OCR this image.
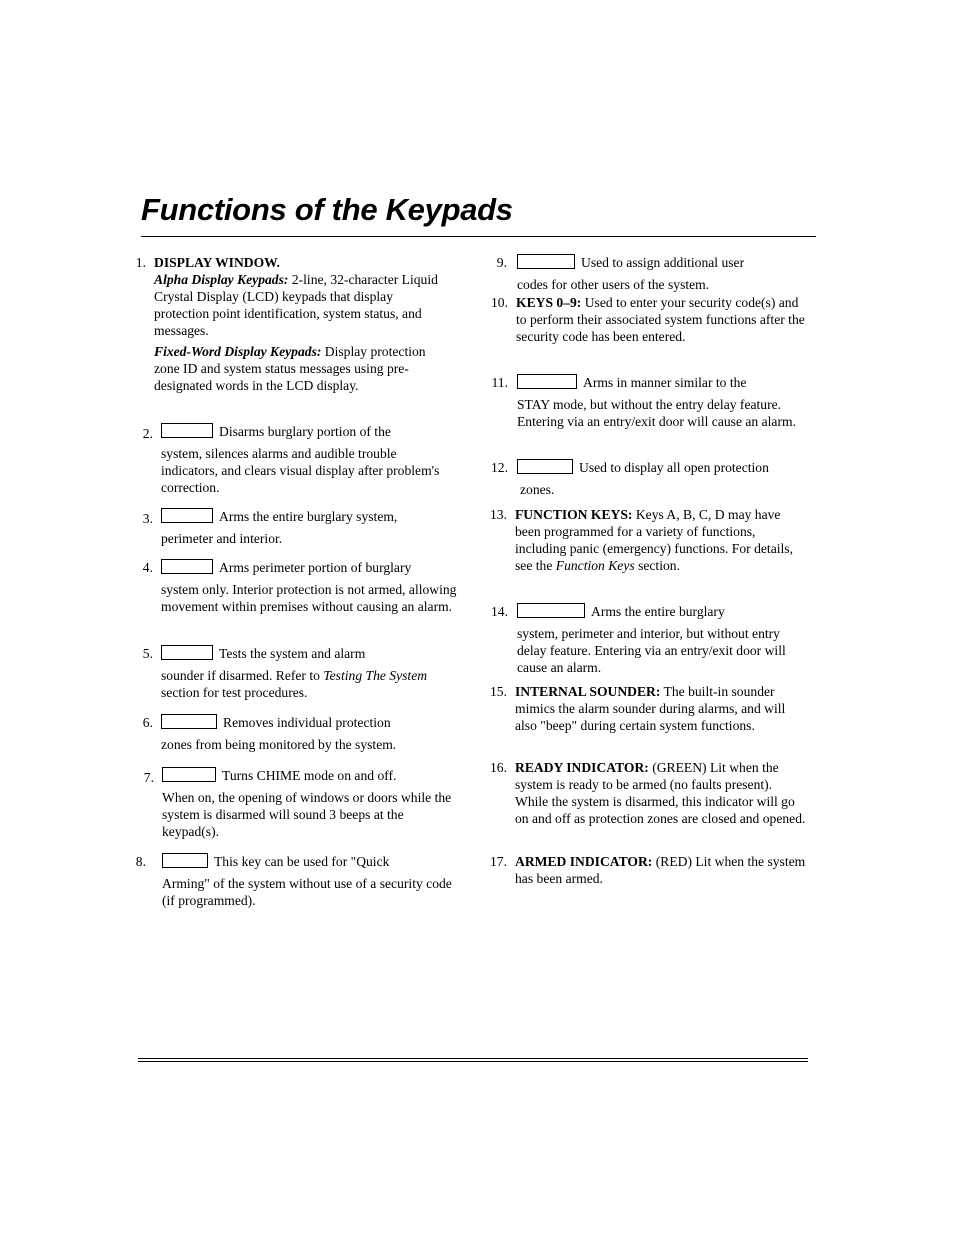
Functions of the Keypads
1. DISPLAY WINDOW.
Alpha Display Keypads: 2-line, 32-character Liquid Crystal Display (LCD) keypads that display protection point identification, system status, and messages.
Fixed-Word Display Keypads: Display protection zone ID and system status messages using pre-designated words in the LCD display.
2.	Disarms burglary portion of the
system, silences alarms and audible trouble indicators, and clears visual display after problem's correction.
3.	Arms the entire burglary system,
perimeter and interior.
4.	Arms perimeter portion of burglary
system only. Interior protection is not armed, allowing movement within premises without causing an alarm.
5.	Tests the system and alarm
sounder if disarmed. Refer to Testing The System section for test procedures.
6.	Removes individual protection
zones from being monitored by the system.
7.	Turns CHIME mode on and off.
When on, the opening of windows or doors while the system is disarmed will sound 3 beeps at the keypad(s).
8.	This key can be used for "Quick
Arming" of the system without use of a security code (if programmed).
9.	Used to assign additional user
codes for other users of the system.
10. KEYS 0–9: Used to enter your security code(s) and to perform their associated system functions after the security code has been entered.
11.	Arms in manner similar to the
STAY mode, but without the entry delay feature. Entering via an entry/exit door will cause an alarm.
12.	Used to display all open protection
zones.
13. FUNCTION KEYS: Keys A, B, C, D may have been programmed for a variety of functions, including panic (emergency) functions. For details, see the Function Keys section.
14.	Arms the entire burglary
system, perimeter and interior, but without entry delay feature. Entering via an entry/exit door will cause an alarm.
15. INTERNAL SOUNDER: The built-in sounder mimics the alarm sounder during alarms, and will also "beep" during certain system functions.
16. READY INDICATOR: (GREEN) Lit when the system is ready to be armed (no faults present). While the system is disarmed, this indicator will go on and off as protection zones are closed and opened.
17. ARMED INDICATOR: (RED) Lit when the system has been armed.
